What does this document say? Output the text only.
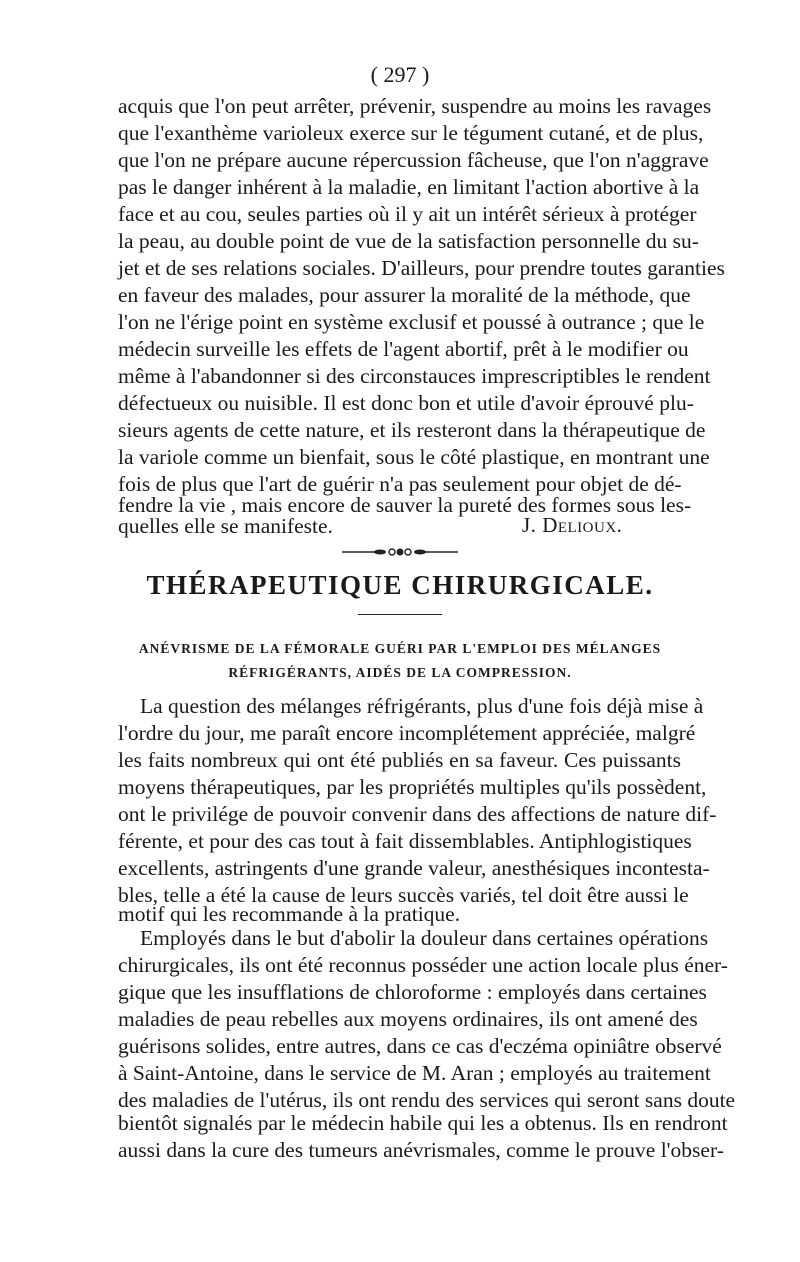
( 297 )
acquis que l'on peut arrêter, prévenir, suspendre au moins les ravages
que l'exanthème varioleux exerce sur le tégument cutané, et de plus,
que l'on ne prépare aucune répercussion fâcheuse, que l'on n'aggrave
pas le danger inhérent à la maladie, en limitant l'action abortive à la
face et au cou, seules parties où il y ait un intérêt sérieux à protéger
la peau, au double point de vue de la satisfaction personnelle du su-
jet et de ses relations sociales. D'ailleurs, pour prendre toutes garanties
en faveur des malades, pour assurer la moralité de la méthode, que
l'on ne l'érige point en système exclusif et poussé à outrance ; que le
médecin surveille les effets de l'agent abortif, prêt à le modifier ou
même à l'abandonner si des circonstauces imprescriptibles le rendent
défectueux ou nuisible. Il est donc bon et utile d'avoir éprouvé plu-
sieurs agents de cette nature, et ils resteront dans la thérapeutique de
la variole comme un bienfait, sous le côté plastique, en montrant une
fois de plus que l'art de guérir n'a pas seulement pour objet de dé-
fendre la vie , mais encore de sauver la pureté des formes sous les-
quelles elle se manifeste.	J. Delioux.
THÉRAPEUTIQUE CHIRURGICALE.
ANÉVRISME DE LA FÉMORALE GUÉRI PAR L'EMPLOI DES MÉLANGES
RÉFRIGÉRANTS, AIDÉS DE LA COMPRESSION.
La question des mélanges réfrigérants, plus d'une fois déjà mise à
l'ordre du jour, me paraît encore incomplétement appréciée, malgré
les faits nombreux qui ont été publiés en sa faveur. Ces puissants
moyens thérapeutiques, par les propriétés multiples qu'ils possèdent,
ont le privilége de pouvoir convenir dans des affections de nature dif-
férente, et pour des cas tout à fait dissemblables. Antiphlogistiques
excellents, astringents d'une grande valeur, anesthésiques incontesta-
bles, telle a été la cause de leurs succès variés, tel doit être aussi le
motif qui les recommande à la pratique.
Employés dans le but d'abolir la douleur dans certaines opérations
chirurgicales, ils ont été reconnus posséder une action locale plus éner-
gique que les insufflations de chloroforme : employés dans certaines
maladies de peau rebelles aux moyens ordinaires, ils ont amené des
guérisons solides, entre autres, dans ce cas d'eczéma opiniâtre observé
à Saint-Antoine, dans le service de M. Aran ; employés au traitement
des maladies de l'utérus, ils ont rendu des services qui seront sans doute
bientôt signalés par le médecin habile qui les a obtenus. Ils en rendront
aussi dans la cure des tumeurs anévrismales, comme le prouve l'obser-
